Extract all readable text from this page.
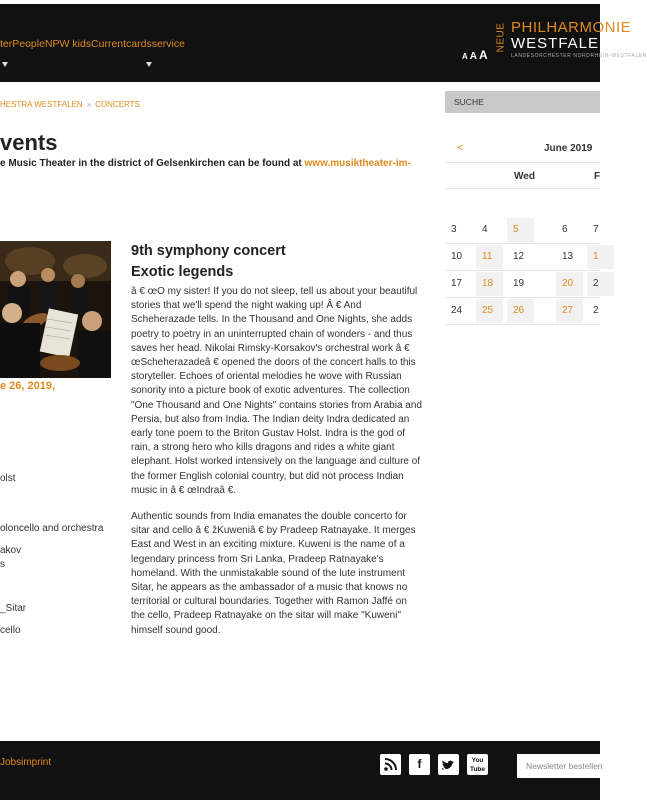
terPeopleNPW kidsCurrentcardsservice
A A A
NEUE PHILHARMONIE
WESTFALEN
LANDESORCHESTER NORDRHEIN-WESTFALEN
HESTRA WESTFALEN » CONCERTS
vents
e Music Theater in the district of Gelsenkirchen can be found at www.musiktheater-im-
e 26, 2019,
olst
oloncello and orchestra
akov
s
_Sitar
cello
9th symphony concert
Exotic legends

â € œO my sister! If you do not sleep, tell us about your beautiful stories that we'll spend the night waking up! Â € And Scheherazade tells. In the Thousand and One Nights, she adds poetry to poetry in an uninterrupted chain of wonders - and thus saves her head. Nikolai Rimsky-Korsakov's orchestral work â € œScheherazadeâ € opened the doors of the concert halls to this storyteller. Echoes of oriental melodies he wove with Russian sonority into a picture book of exotic adventures. The collection "One Thousand and One Nights" contains stories from Arabia and Persia, but also from India. The Indian deity Indra dedicated an early tone poem to the Briton Gustav Holst. Indra is the god of rain, a strong hero who kills dragons and rides a white giant elephant. Holst worked intensively on the language and culture of the former English colonial country, but did not process Indian music in â € œIndraâ €.

Authentic sounds from India emanates the double concerto for sitar and cello â € žKuweniâ € by Pradeep Ratnayake. It merges East and West in an exciting mixture. Kuweni is the name of a legendary princess from Sri Lanka, Pradeep Ratnayake's homeland. With the unmistakable sound of the lute instrument Sitar, he appears as the ambassador of a music that knows no territorial or cultural boundaries. Together with Ramon Jaffé on the cello, Pradeep Ratnayake on the sitar will make "Kuweni" himself sound good.

SUCHE
<	June 2019
Wed	F
3	4	5	6	7
10	11	12	13	1
17	18	19	20	2
24	25	26	27	2
Jobsimprint	f	You Tube
Newsletter bestellen
